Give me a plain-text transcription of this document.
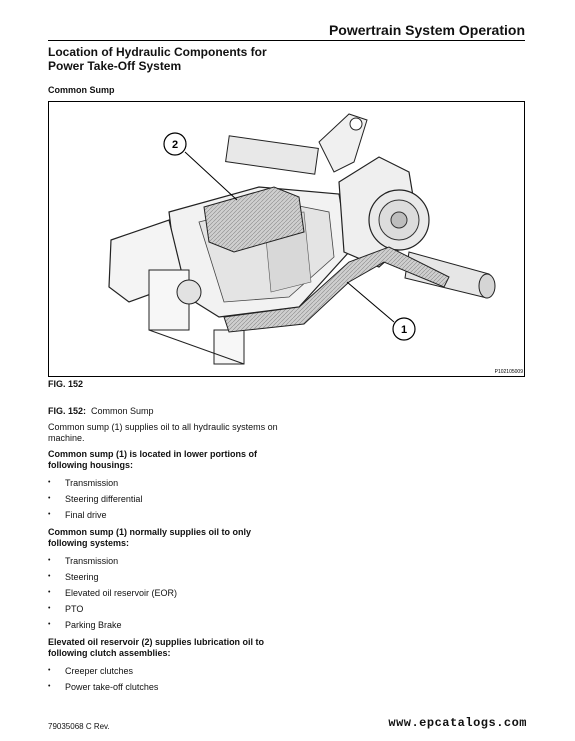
Powertrain System Operation
Location of Hydraulic Components for
Power Take-Off System
Common Sump
2
1
P102105009
FIG. 152
FIG. 152: Common Sump

Common sump (1) supplies oil to all hydraulic systems on machine.

Common sump (1) is located in lower portions of following housings:
• Transmission
• Steering differential
• Final drive
Common sump (1) normally supplies oil to only following systems:
• Transmission
• Steering
• Elevated oil reservoir (EOR)
• PTO
• Parking Brake
Elevated oil reservoir (2) supplies lubrication oil to following clutch assemblies:
• Creeper clutches
• Power take-off clutches
79035068 C Rev.	www.epcatalogs.com
